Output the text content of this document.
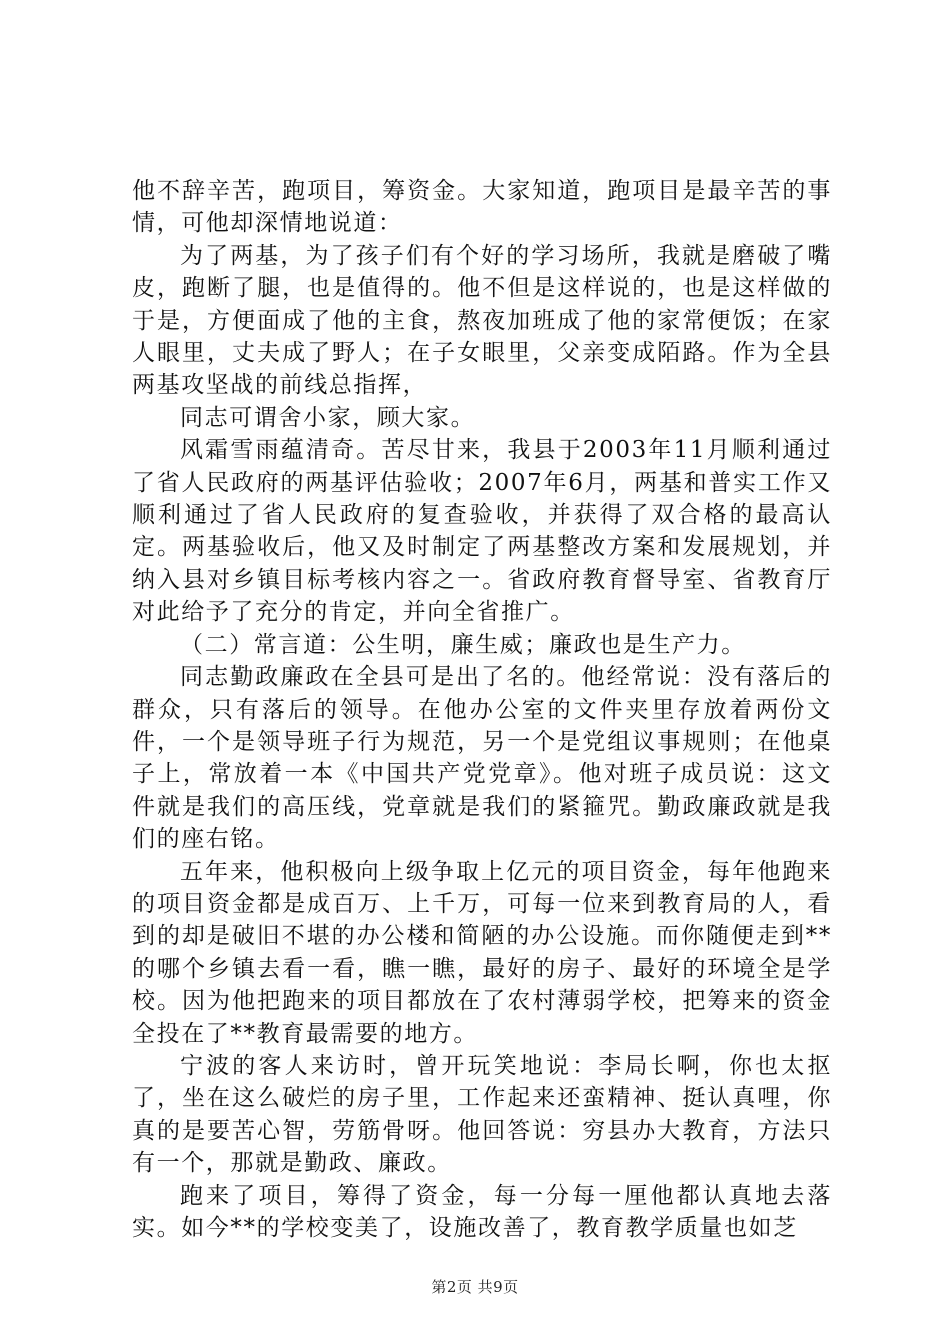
他不辞辛苦，跑项目，筹资金。大家知道，跑项目是最辛苦的事情，可他却深情地说道：

为了两基，为了孩子们有个好的学习场所，我就是磨破了嘴皮，跑断了腿，也是值得的。他不但是这样说的，也是这样做的于是，方便面成了他的主食，熬夜加班成了他的家常便饭；在家人眼里，丈夫成了野人；在子女眼里，父亲变成陌路。作为全县两基攻坚战的前线总指挥，

同志可谓舍小家，顾大家。

风霜雪雨蕴清奇。苦尽甘来，我县于2003年11月顺利通过了省人民政府的两基评估验收；2007年6月，两基和普实工作又顺利通过了省人民政府的复查验收，并获得了双合格的最高认定。两基验收后，他又及时制定了两基整改方案和发展规划，并纳入县对乡镇目标考核内容之一。省政府教育督导室、省教育厅对此给予了充分的肯定，并向全省推广。

（二）常言道：公生明，廉生威；廉政也是生产力。

同志勤政廉政在全县可是出了名的。他经常说：没有落后的群众，只有落后的领导。在他办公室的文件夹里存放着两份文件，一个是领导班子行为规范，另一个是党组议事规则；在他桌子上，常放着一本《中国共产党党章》。他对班子成员说：这文件就是我们的高压线，党章就是我们的紧箍咒。勤政廉政就是我们的座右铭。

五年来，他积极向上级争取上亿元的项目资金，每年他跑来的项目资金都是成百万、上千万，可每一位来到教育局的人，看到的却是破旧不堪的办公楼和简陋的办公设施。而你随便走到**的哪个乡镇去看一看，瞧一瞧，最好的房子、最好的环境全是学校。因为他把跑来的项目都放在了农村薄弱学校，把筹来的资金全投在了**教育最需要的地方。

宁波的客人来访时，曾开玩笑地说：李局长啊，你也太抠了，坐在这么破烂的房子里，工作起来还蛮精神、挺认真哩，你真的是要苦心智，劳筋骨呀。他回答说：穷县办大教育，方法只有一个，那就是勤政、廉政。

跑来了项目，筹得了资金，每一分每一厘他都认真地去落实。如今**的学校变美了，设施改善了，教育教学质量也如芝

第2页 共9页
